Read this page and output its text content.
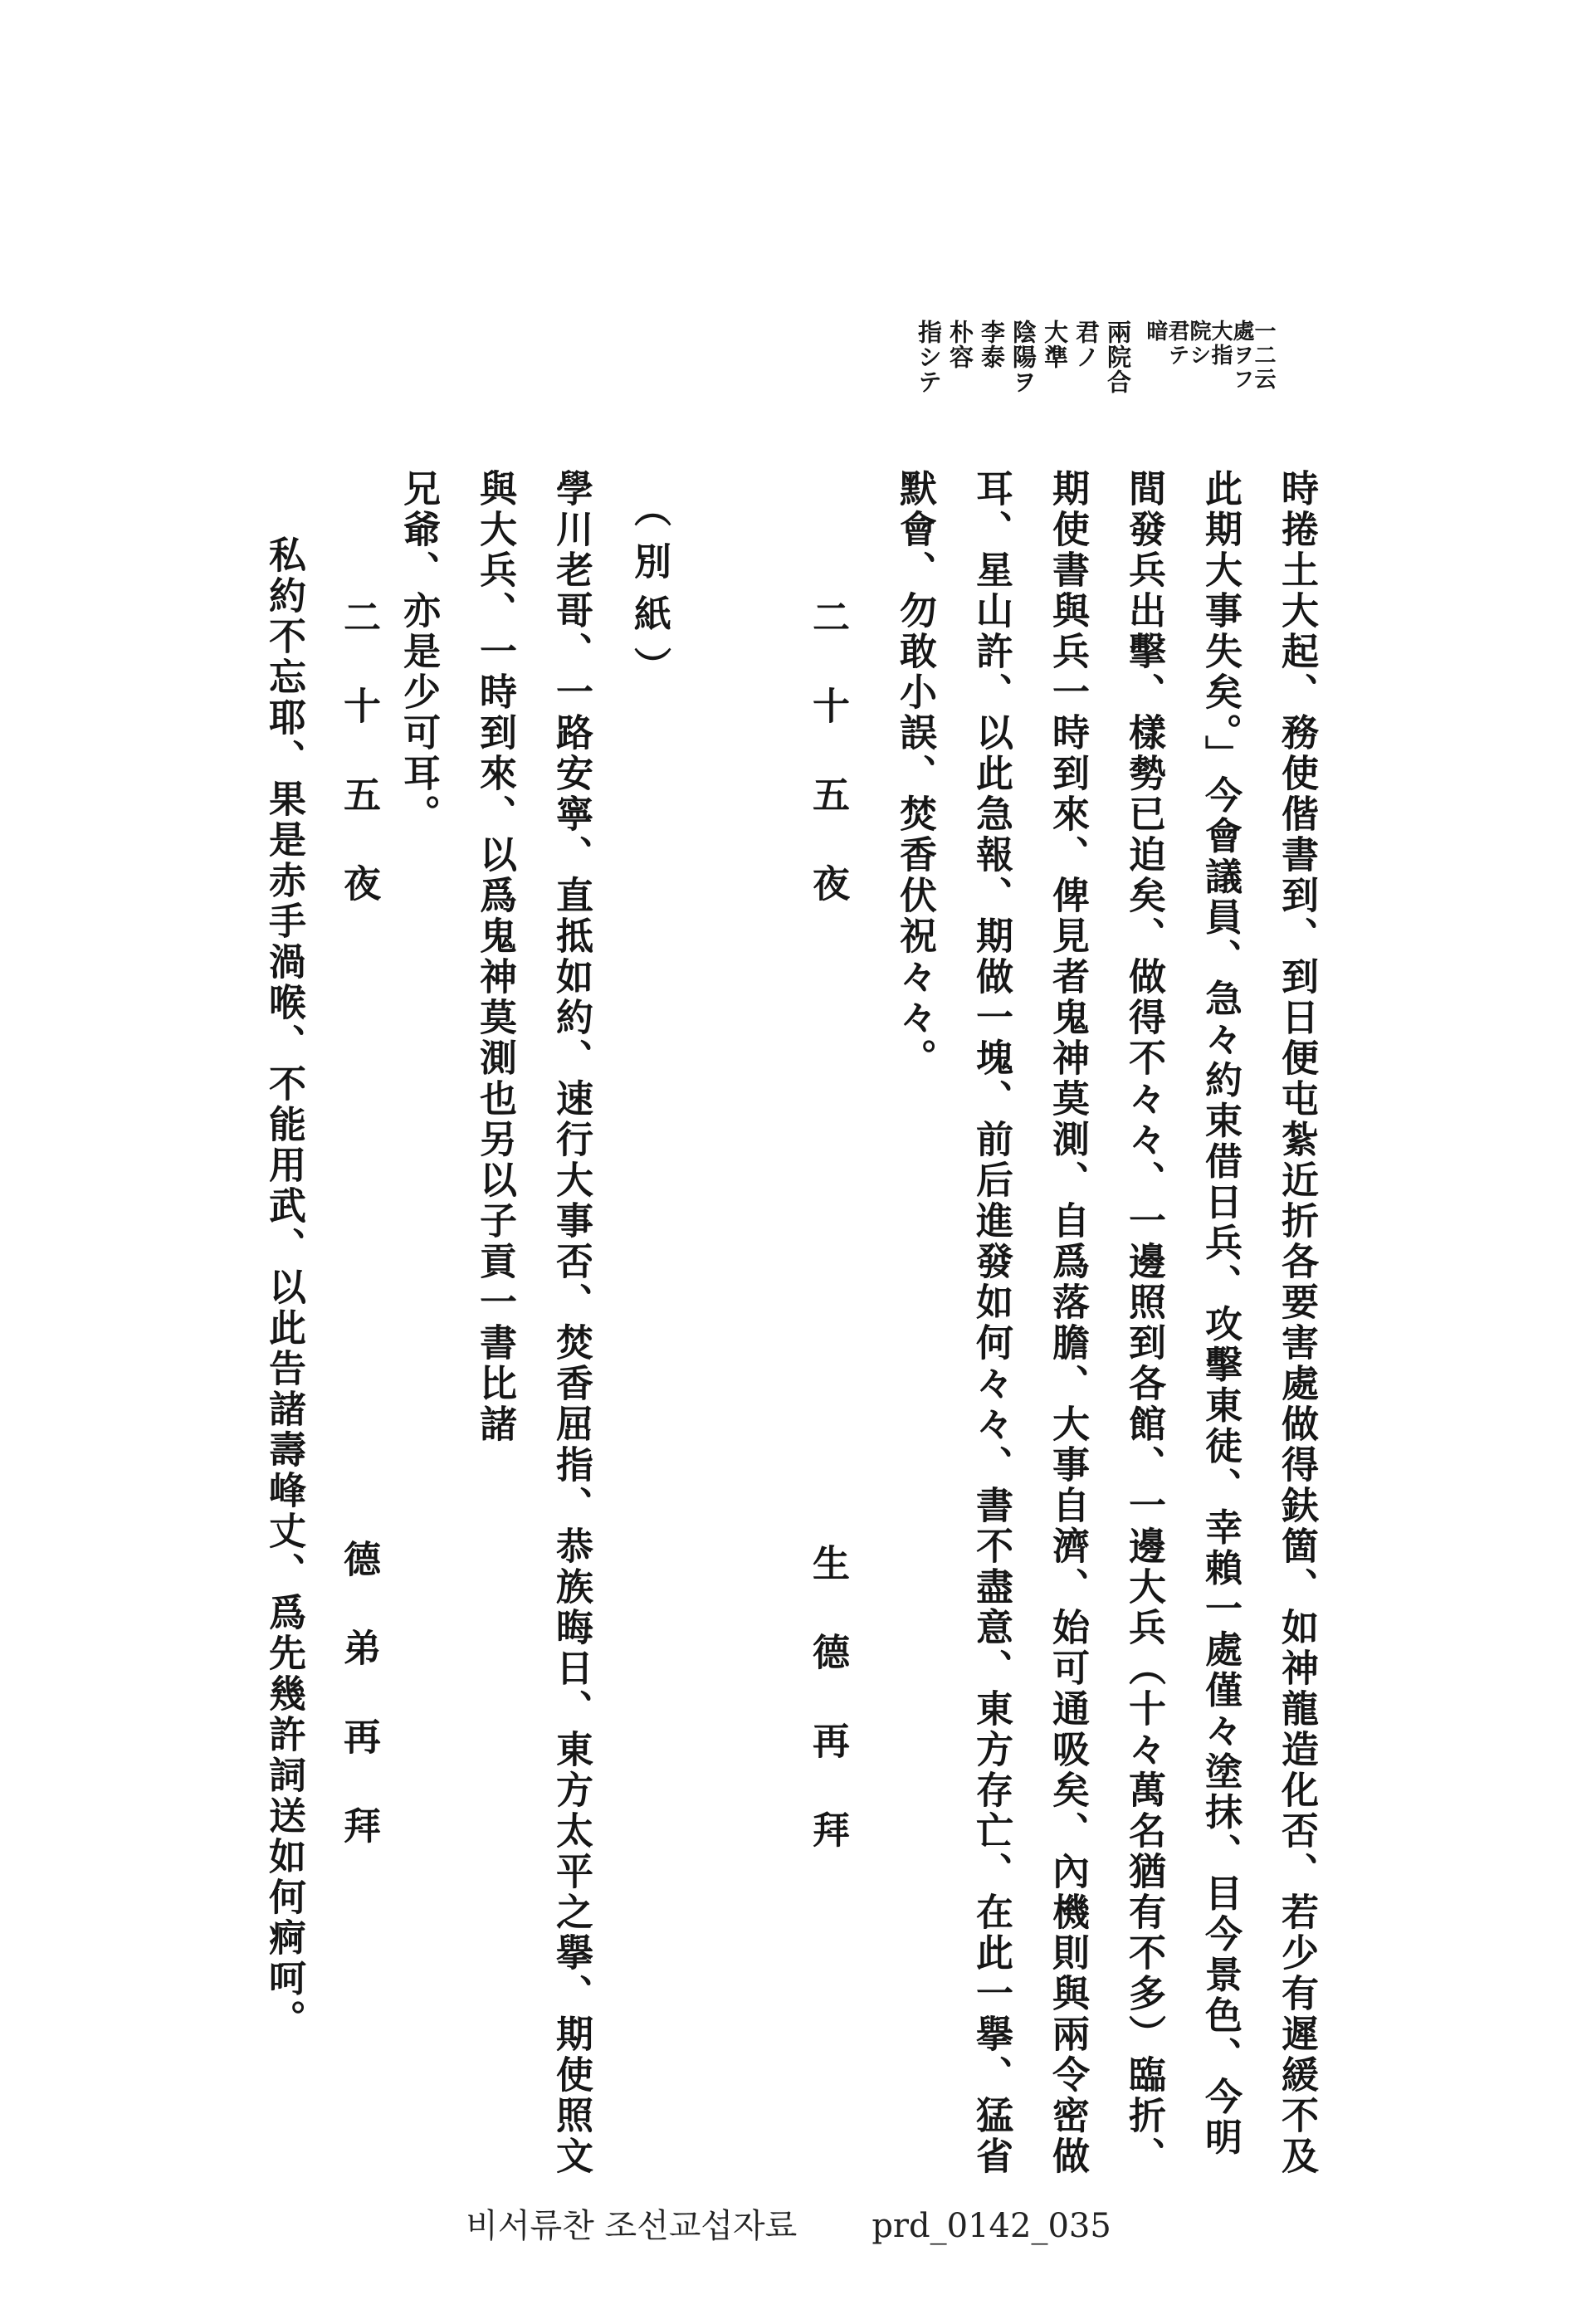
一二云
處ヲフ
大指
院シ
君テ
暗
兩院合
君ノ
大準
陰陽ヲ
李泰
朴容
指シテ
時捲土大起、務使偕書到、到日便屯紮近折各要害處做得鈇箇、如神龍造化否、若少有遲緩不及
此期大事失矣。」今會議員、急々約束借日兵、攻擊東徒、幸賴一處僅々塗抹、目今景色、今明
間發兵出擊、樣勢已迫矣、做得不々々、一邊照到各館、一邊大兵（十々萬名猶有不多）臨折、
期使書與兵一時到來、俾見者鬼神莫測、自爲落膽、大事自濟、始可通吸矣、內機則與兩令密做
耳、星山許、以此急報、期做一塊、前后進發如何々々、書不盡意、東方存亡、在此一擧、猛省
默會、勿敢小誤、焚香伏祝々々。
二十五夜
生德再拜
（別紙）
學川老哥、一路安寧、直抵如約、速行大事否、焚香屈指、恭族晦日、東方太平之擧、期使照文
與大兵、一時到來、以爲鬼神莫測也另以子貢一書比諸
兄爺、亦是少可耳。
二十五夜
德弟再拜
私約不忘耶、果是赤手渦喉、不能用武、以此告諸壽峰丈、爲先幾許詞送如何痾呵。
비서류찬 조선교섭자료 prd_0142_035
